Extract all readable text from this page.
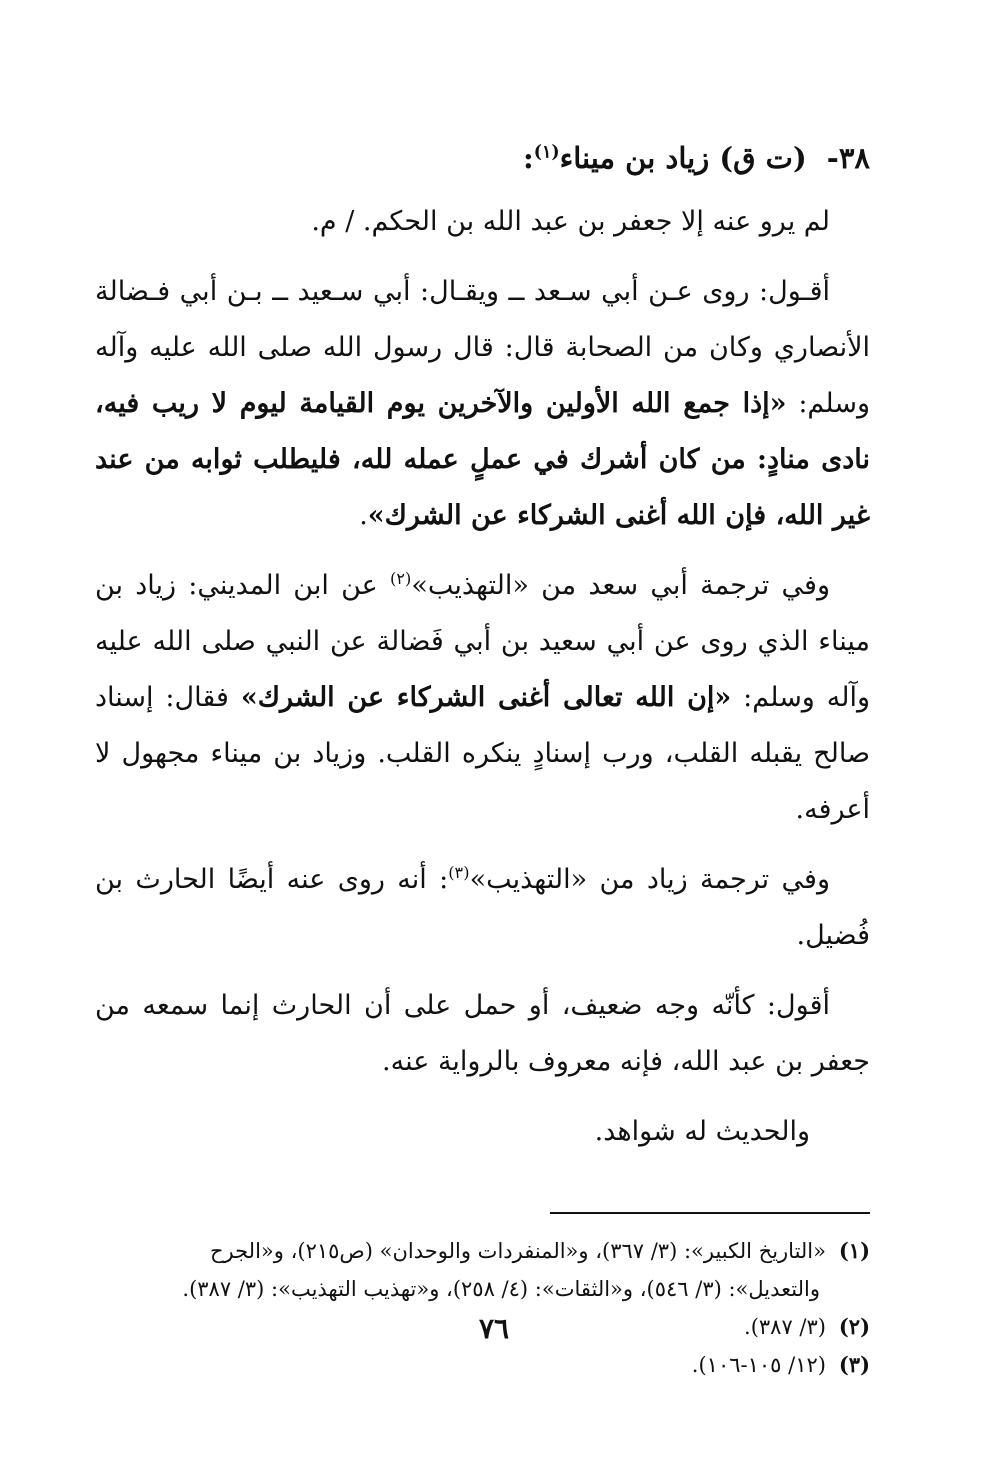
٣٨- (ت ق) زياد بن ميناء$^{(١)}$:

لم يرو عنه إلا جعفر بن عبد الله بن الحكم. / م.

أقـول: روى عـن أبي سـعد ــ ويقـال: أبي سـعيد ــ بـن أبي فـضالة الأنصاري وكان من الصحابة قال: قال رسول الله صلى الله عليه وآله وسلم: «إذا جمع الله الأولين والآخرين يوم القيامة ليوم لا ريب فيه، نادى منادٍ: من كان أشرك في عملٍ عمله لله، فليطلب ثوابه من عند غير الله، فإن الله أغنى الشركاء عن الشرك».

وفي ترجمة أبي سعد من «التهذيب»$^{(٢)}$ عن ابن المديني: زياد بن ميناء الذي روى عن أبي سعيد بن أبي فَضالة عن النبي صلى الله عليه وآله وسلم: «إن الله تعالى أغنى الشركاء عن الشرك» فقال: إسناد صالح يقبله القلب، ورب إسنادٍ ينكره القلب. وزياد بن ميناء مجهول لا أعرفه.

وفي ترجمة زياد من «التهذيب»$^{(٣)}$: أنه روى عنه أيضًا الحارث بن فُضيل.

أقول: كأنّه وجه ضعيف، أو حمل على أن الحارث إنما سمعه من جعفر بن عبد الله، فإنه معروف بالرواية عنه.

والحديث له شواهد.

(١)«التاريخ الكبير»: (٣/ ٣٦٧)، و«المنفردات والوحدان» (ص٢١٥)، و«الجرح

والتعديل»: (٣/ ٥٤٦)، و«الثقات»: (٤/ ٢٥٨)، و«تهذيب التهذيب»: (٣/ ٣٨٧).

(٢)(٣/ ٣٨٧).

(٣)(١٢/ ١٠٥-١٠٦).

٧٦
